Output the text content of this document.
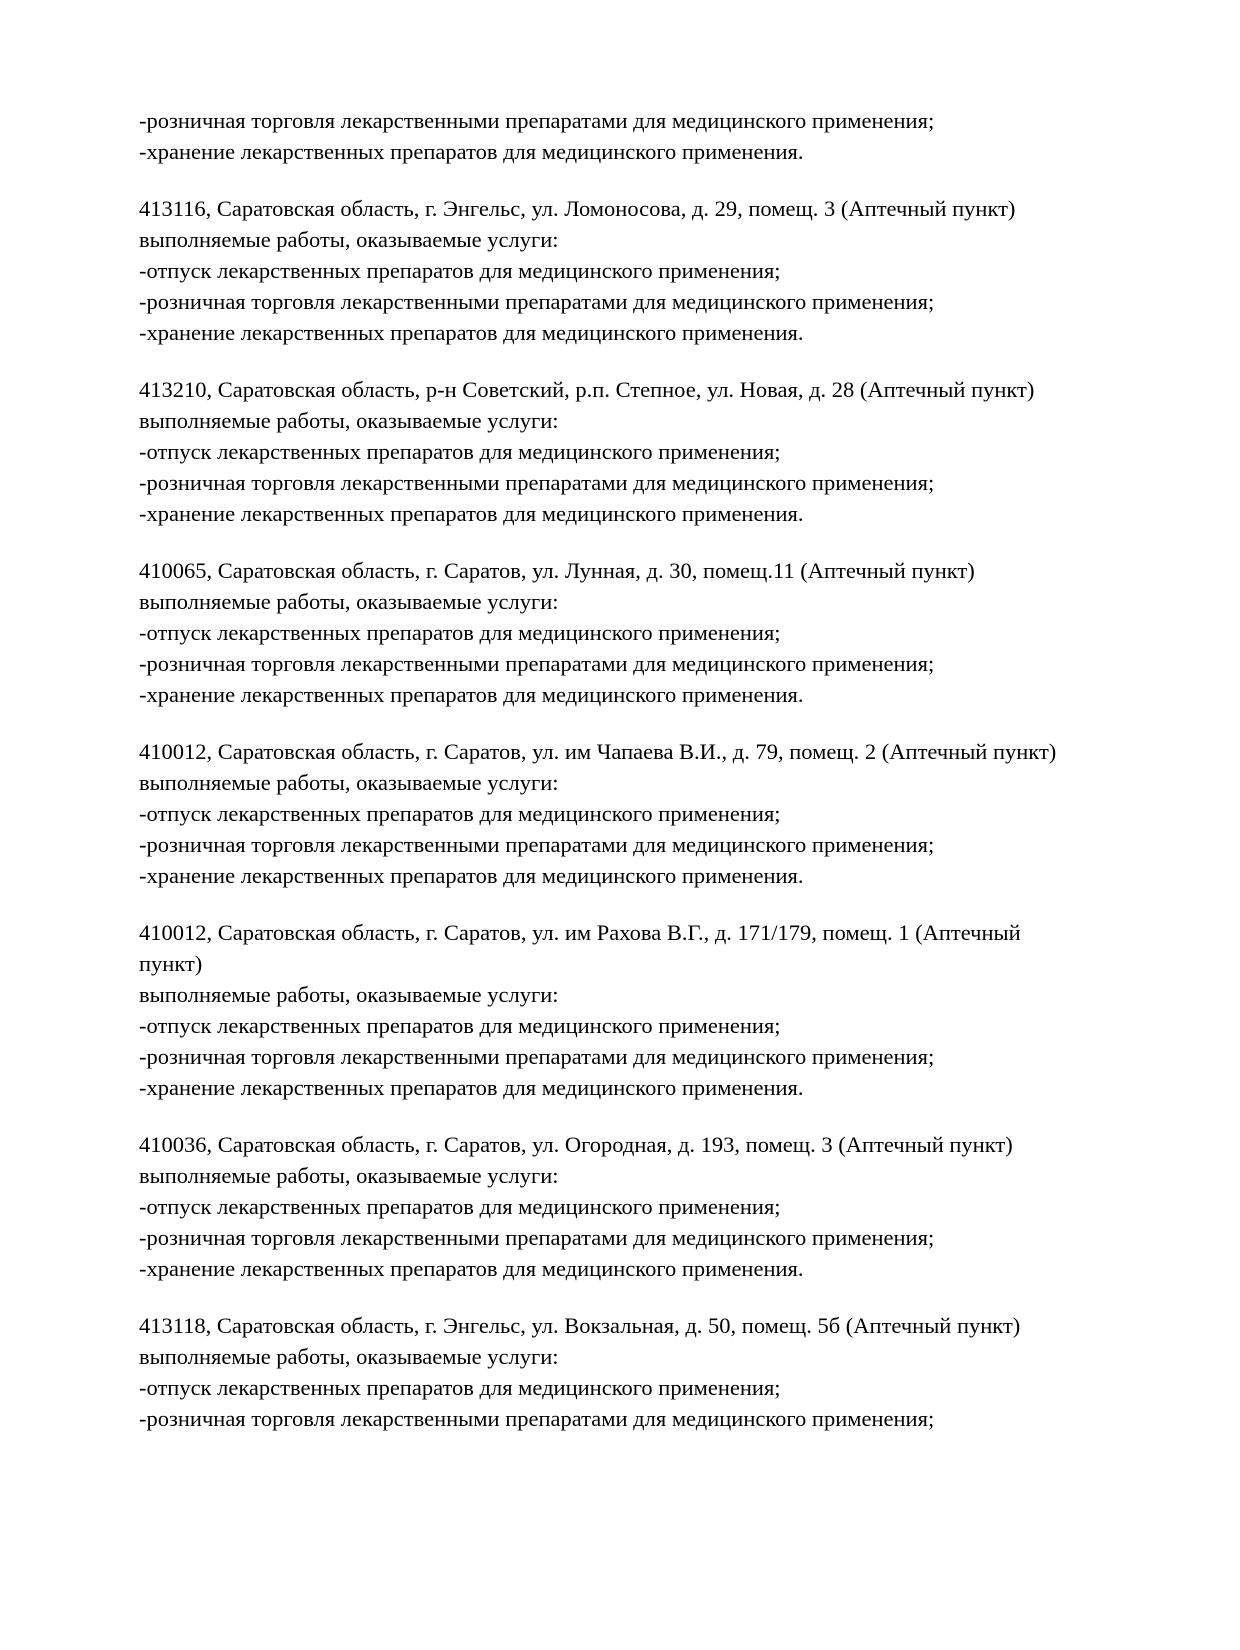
-розничная торговля лекарственными препаратами для медицинского применения;
-хранение лекарственных препаратов для медицинского применения.
413116, Саратовская область, г. Энгельс, ул. Ломоносова, д. 29, помещ. 3 (Аптечный пункт)
выполняемые работы, оказываемые услуги:
-отпуск лекарственных препаратов для медицинского применения;
-розничная торговля лекарственными препаратами для медицинского применения;
-хранение лекарственных препаратов для медицинского применения.
413210, Саратовская область, р-н Советский, р.п. Степное, ул. Новая, д. 28 (Аптечный пункт)
выполняемые работы, оказываемые услуги:
-отпуск лекарственных препаратов для медицинского применения;
-розничная торговля лекарственными препаратами для медицинского применения;
-хранение лекарственных препаратов для медицинского применения.
410065, Саратовская область, г. Саратов, ул. Лунная, д. 30, помещ.11 (Аптечный пункт)
выполняемые работы, оказываемые услуги:
-отпуск лекарственных препаратов для медицинского применения;
-розничная торговля лекарственными препаратами для медицинского применения;
-хранение лекарственных препаратов для медицинского применения.
410012, Саратовская область, г. Саратов, ул. им Чапаева В.И., д. 79, помещ. 2 (Аптечный пункт)
выполняемые работы, оказываемые услуги:
-отпуск лекарственных препаратов для медицинского применения;
-розничная торговля лекарственными препаратами для медицинского применения;
-хранение лекарственных препаратов для медицинского применения.
410012, Саратовская область, г. Саратов, ул. им Рахова В.Г., д. 171/179, помещ. 1 (Аптечный
пункт)
выполняемые работы, оказываемые услуги:
-отпуск лекарственных препаратов для медицинского применения;
-розничная торговля лекарственными препаратами для медицинского применения;
-хранение лекарственных препаратов для медицинского применения.
410036, Саратовская область, г. Саратов, ул. Огородная, д. 193, помещ. 3 (Аптечный пункт)
выполняемые работы, оказываемые услуги:
-отпуск лекарственных препаратов для медицинского применения;
-розничная торговля лекарственными препаратами для медицинского применения;
-хранение лекарственных препаратов для медицинского применения.
413118, Саратовская область, г. Энгельс, ул. Вокзальная, д. 50, помещ. 5б (Аптечный пункт)
выполняемые работы, оказываемые услуги:
-отпуск лекарственных препаратов для медицинского применения;
-розничная торговля лекарственными препаратами для медицинского применения;
